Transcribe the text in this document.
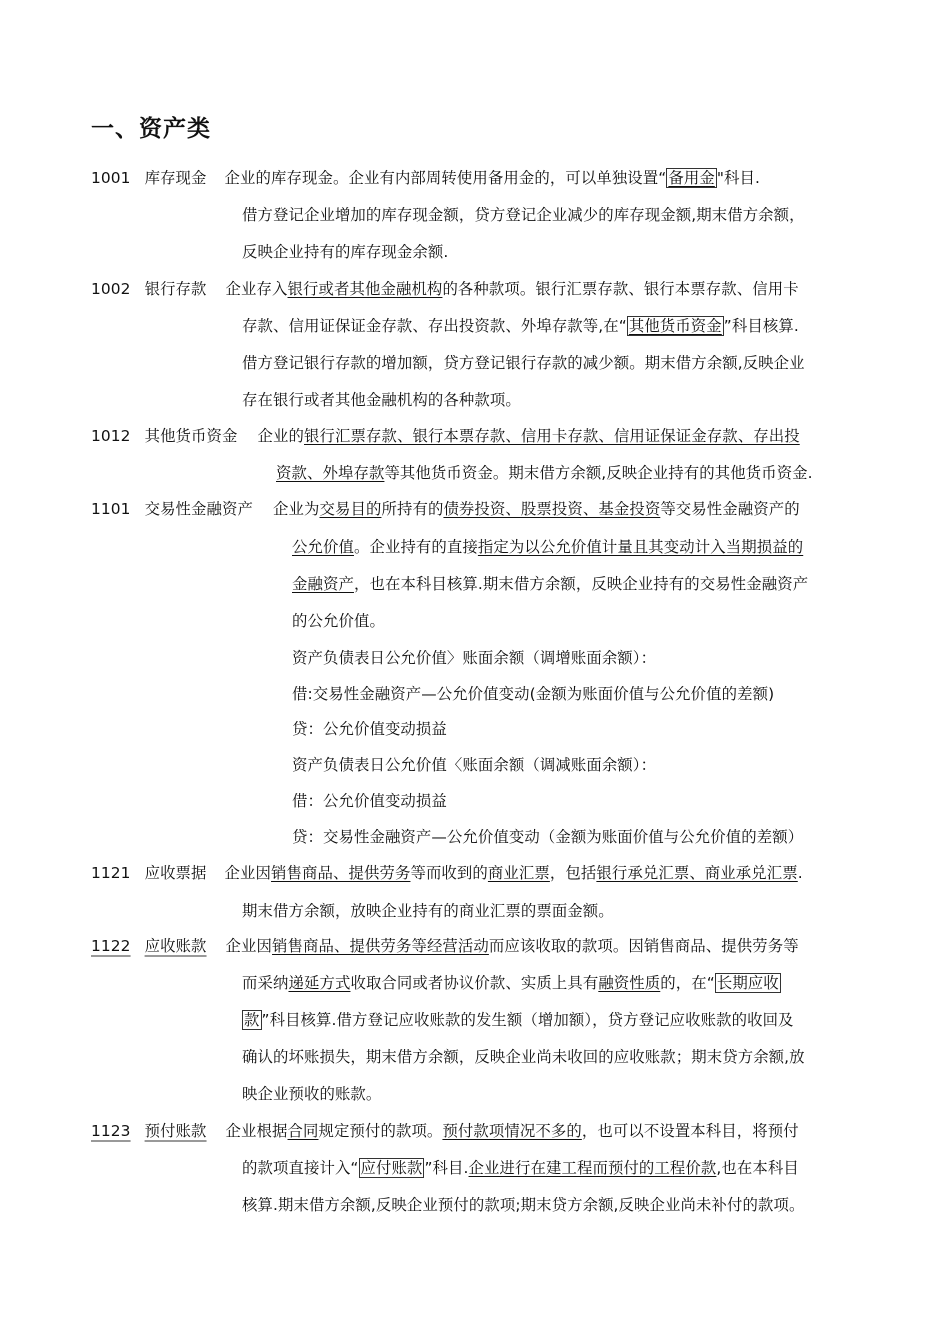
一、资产类
1001 库存现金 企业的库存现金。企业有内部周转使用备用金的，可以单独设置“ 备用金 "科目.
借方登记企业增加的库存现金额，贷方登记企业减少的库存现金额,期末借方余额，
反映企业持有的库存现金余额.
1002 银行存款 企业存入银行或者其他金融机构的各种款项。银行汇票存款、银行本票存款、信用卡
存款、信用证保证金存款、存出投资款、外埠存款等,在“ 其他货币资金 ”科目核算.
借方登记银行存款的增加额，贷方登记银行存款的减少额。期末借方余额,反映企业
存在银行或者其他金融机构的各种款项。
1012 其他货币资金 企业的银行汇票存款、银行本票存款、信用卡存款、信用证保证金存款、存出投
资款、外埠存款等其他货币资金。期末借方余额,反映企业持有的其他货币资金.
1101 交易性金融资产 企业为交易目的所持有的债券投资、股票投资、基金投资等交易性金融资产的
公允价值。企业持有的直接指定为以公允价值计量且其变动计入当期损益的
金融资产，也在本科目核算.期末借方余额，反映企业持有的交易性金融资产
的公允价值。
资产负债表日公允价值〉账面余额（调增账面余额）：
借:交易性金融资产—公允价值变动(金额为账面价值与公允价值的差额)
贷：公允价值变动损益
资产负债表日公允价值〈账面余额（调减账面余额）：
借：公允价值变动损益
贷：交易性金融资产—公允价值变动（金额为账面价值与公允价值的差额）
1121 应收票据 企业因销售商品、提供劳务等而收到的商业汇票，包括银行承兑汇票、商业承兑汇票.
期末借方余额，放映企业持有的商业汇票的票面金额。
1122 应收账款 企业因销售商品、提供劳务等经营活动而应该收取的款项。因销售商品、提供劳务等
而采纳递延方式收取合同或者协议价款、实质上具有融资性质的，在“ 长期应收
款 ”科目核算.借方登记应收账款的发生额（增加额），贷方登记应收账款的收回及
确认的坏账损失，期末借方余额，反映企业尚未收回的应收账款；期末贷方余额,放
映企业预收的账款。
1123 预付账款 企业根据合同规定预付的款项。预付款项情况不多的，也可以不设置本科目，将预付
的款项直接计入“ 应付账款 ”科目.企业进行在建工程而预付的工程价款,也在本科目
核算.期末借方余额,反映企业预付的款项;期末贷方余额,反映企业尚未补付的款项。
